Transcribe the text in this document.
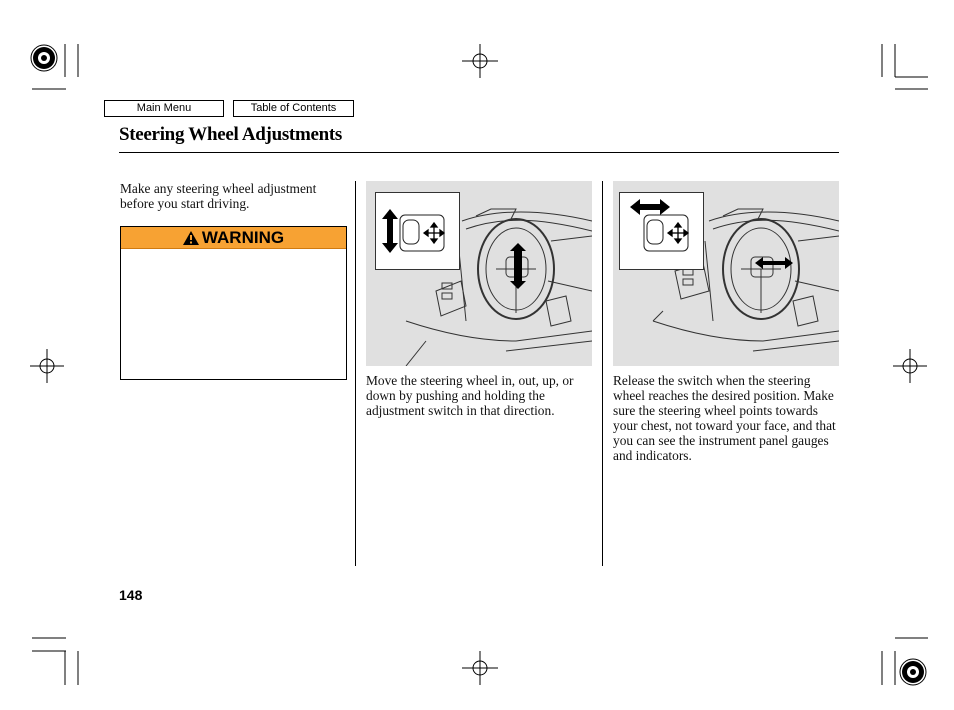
Main Menu	Table of Contents
Steering Wheel Adjustments
Make any steering wheel adjustment before you start driving.
WARNING
Move the steering wheel in, out, up, or down by pushing and holding the adjustment switch in that direction.
Release the switch when the steering wheel reaches the desired position. Make sure the steering wheel points towards your chest, not toward your face, and that you can see the instrument panel gauges and indicators.
148
